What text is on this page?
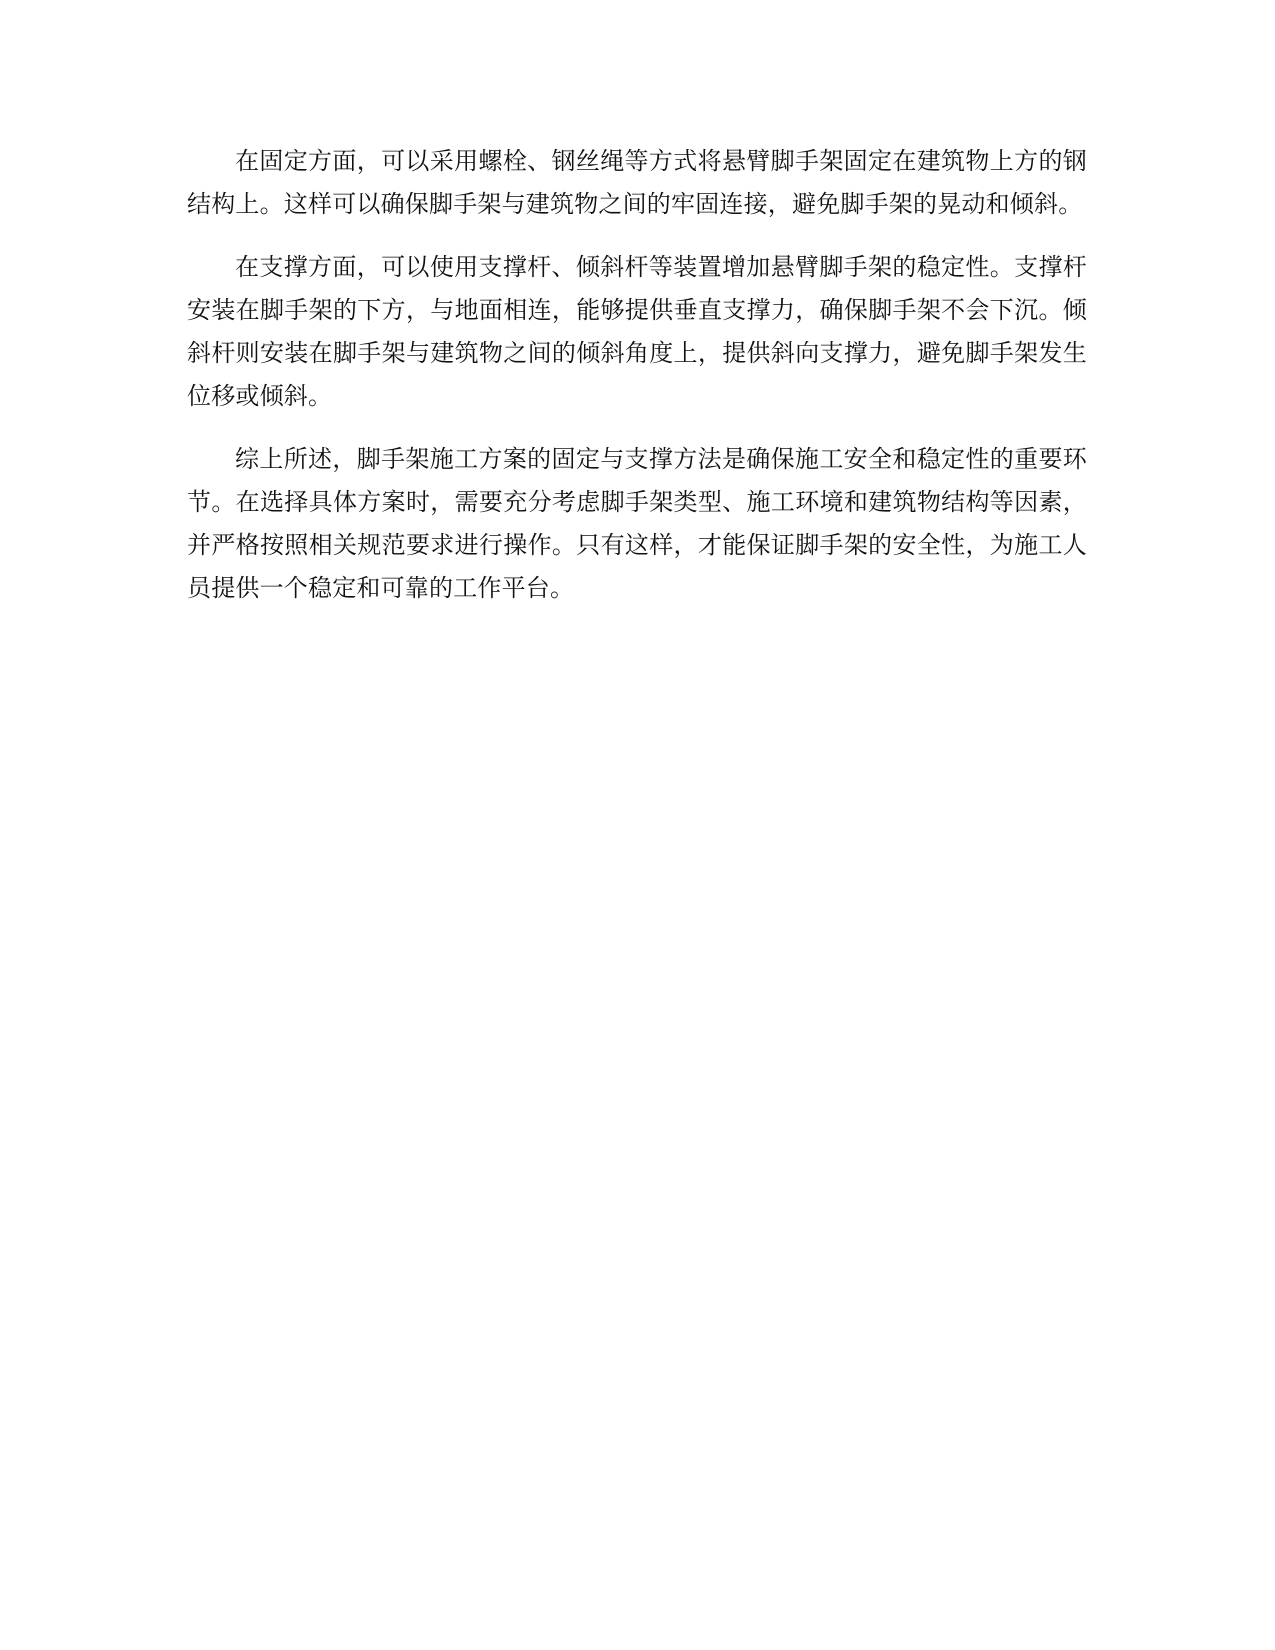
在固定方面，可以采用螺栓、钢丝绳等方式将悬臂脚手架固定在建筑物上方的钢结构上。这样可以确保脚手架与建筑物之间的牢固连接，避免脚手架的晃动和倾斜。

在支撑方面，可以使用支撑杆、倾斜杆等装置增加悬臂脚手架的稳定性。支撑杆安装在脚手架的下方，与地面相连，能够提供垂直支撑力，确保脚手架不会下沉。倾斜杆则安装在脚手架与建筑物之间的倾斜角度上，提供斜向支撑力，避免脚手架发生位移或倾斜。

综上所述，脚手架施工方案的固定与支撑方法是确保施工安全和稳定性的重要环节。在选择具体方案时，需要充分考虑脚手架类型、施工环境和建筑物结构等因素，并严格按照相关规范要求进行操作。只有这样，才能保证脚手架的安全性，为施工人员提供一个稳定和可靠的工作平台。
